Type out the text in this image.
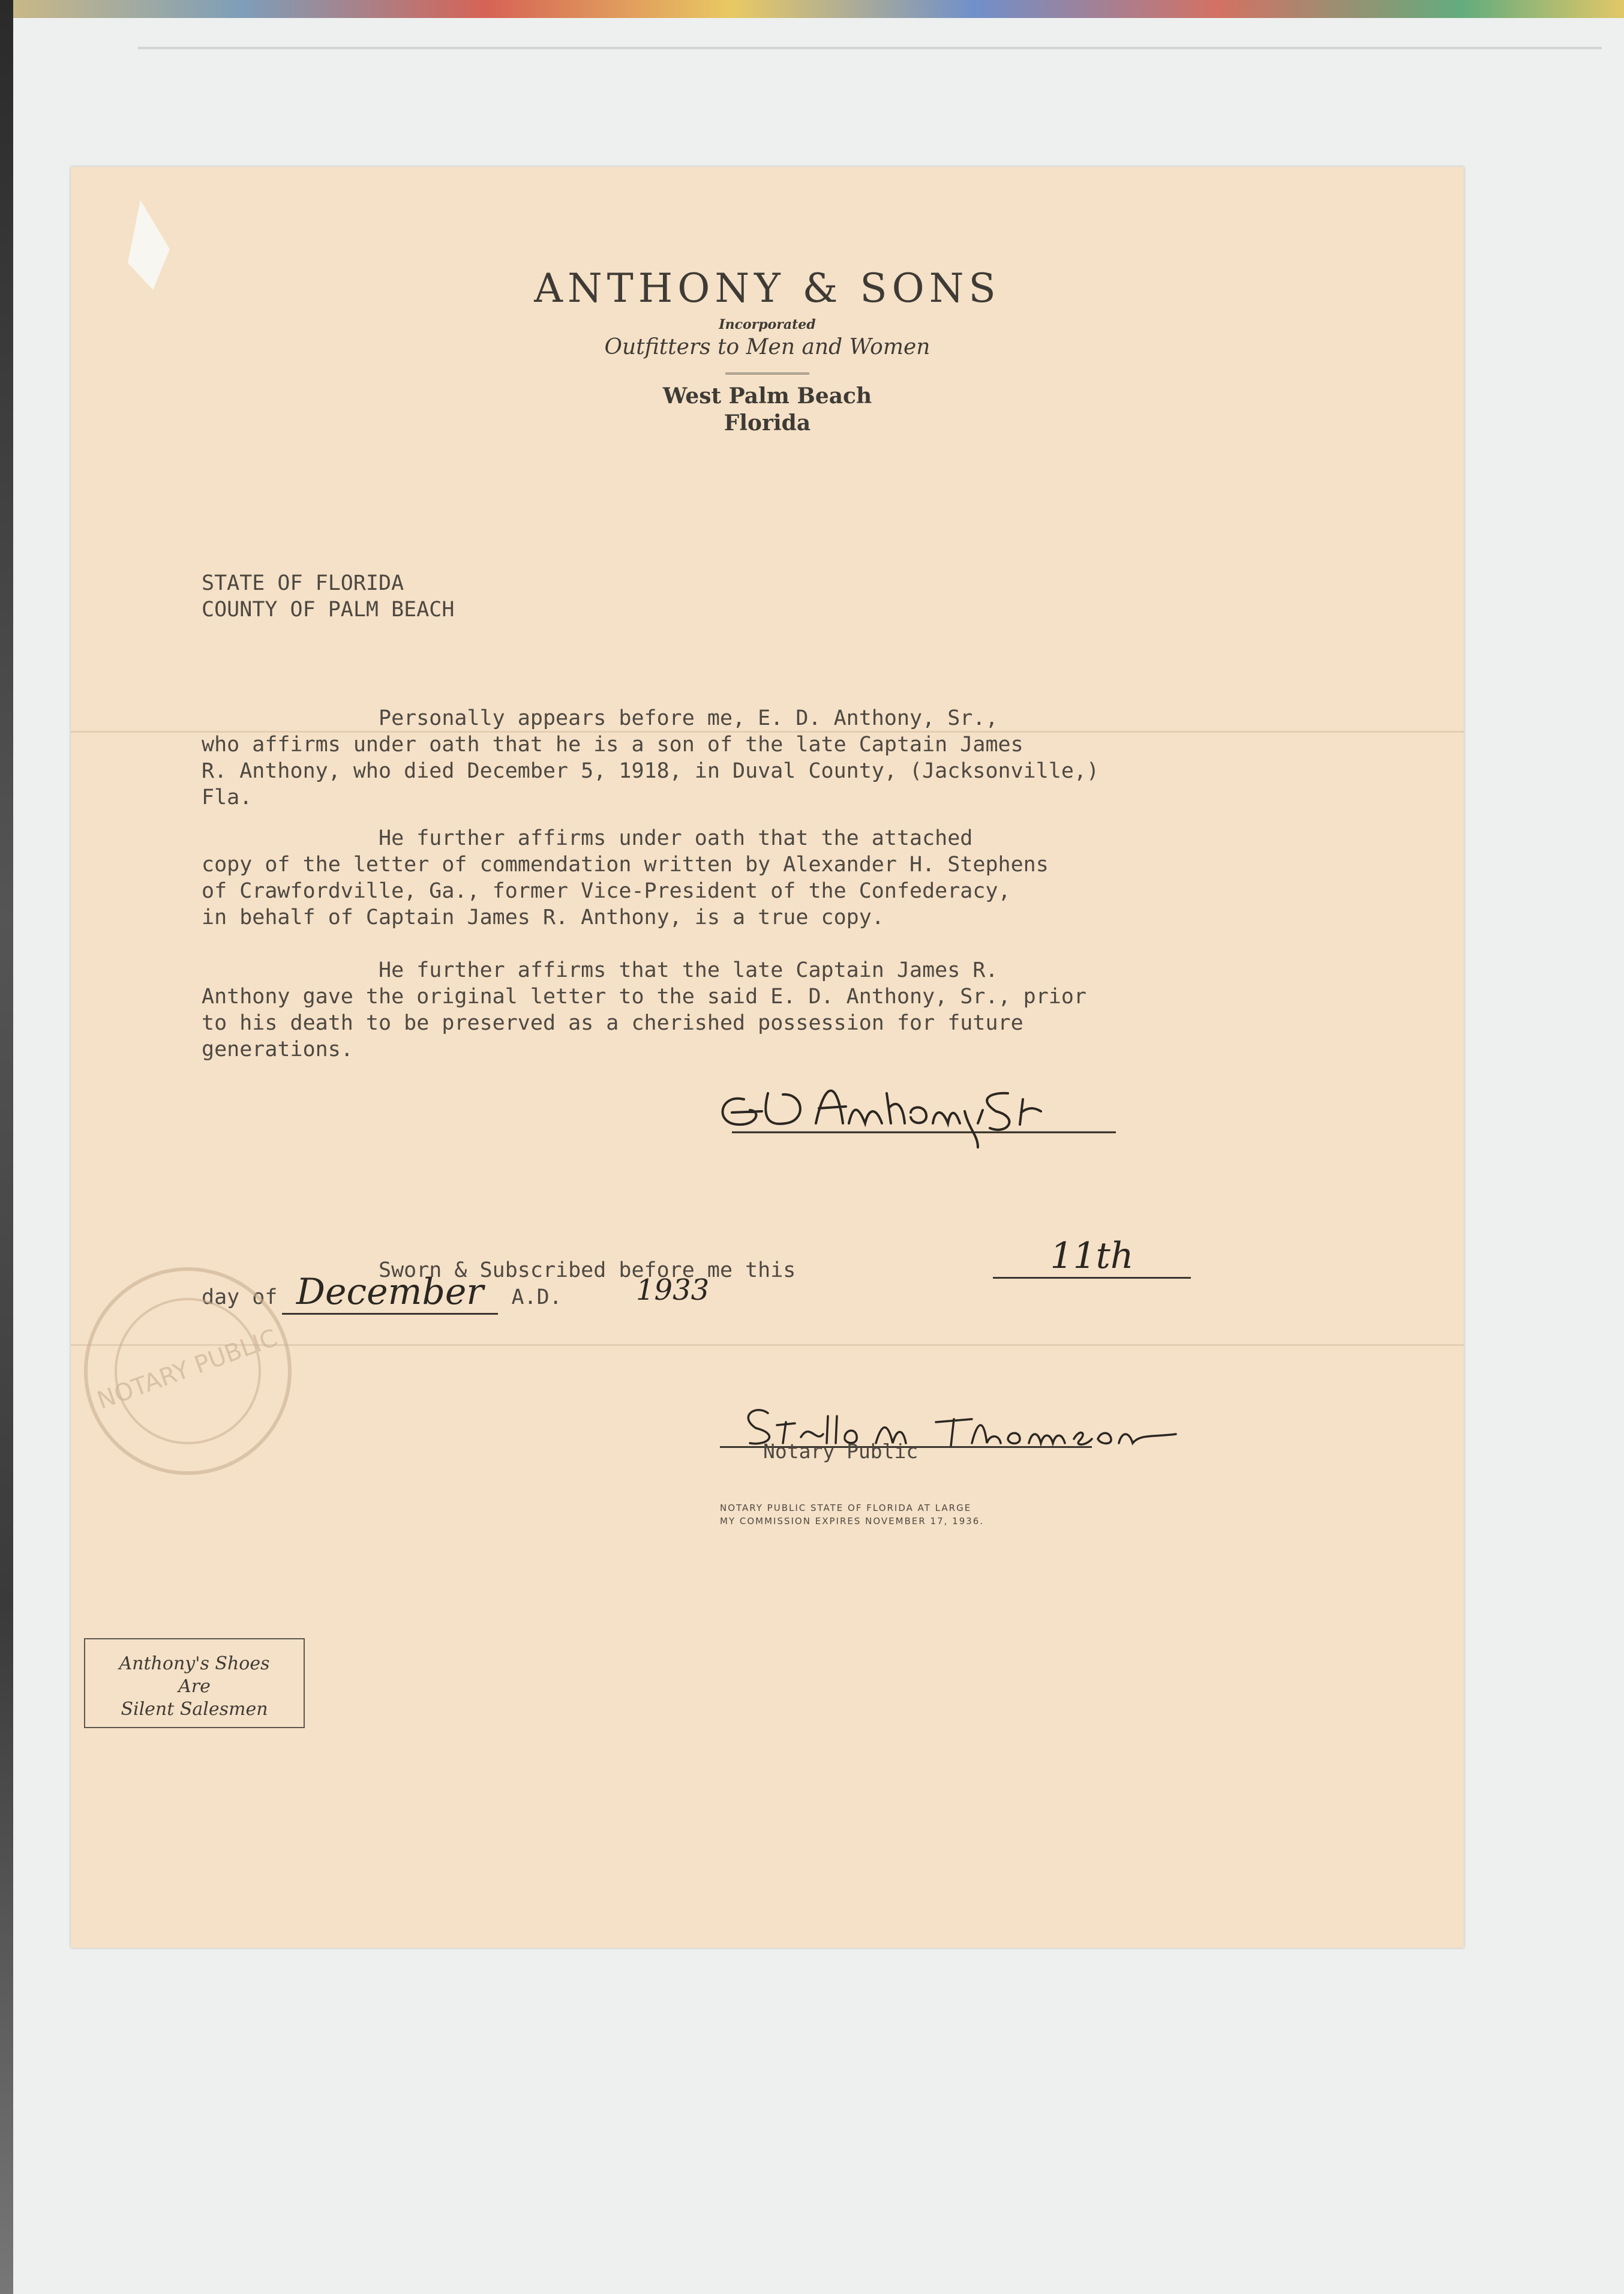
ANTHONY & SONS
Incorporated
Outfitters to Men and Women
West Palm Beach
Florida
STATE OF FLORIDA
COUNTY OF PALM BEACH
Personally appears before me, E. D. Anthony, Sr.,
who affirms under oath that he is a son of the late Captain James
R. Anthony, who died December 5, 1918, in Duval County, (Jacksonville,)
Fla.
He further affirms under oath that the attached
copy of the letter of commendation written by Alexander H. Stephens
of Crawfordville, Ga., former Vice-President of the Confederacy,
in behalf of Captain James R. Anthony, is a true copy.
He further affirms that the late Captain James R.
Anthony gave the original letter to the said E. D. Anthony, Sr., prior
to his death to be preserved as a cherished possession for future
generations.	EDAnthonySr
Sworn & Subscribed before me this	11th
day of	A.D.
December	1933
Stella M. Thomsen
Notary Public
NOTARY PUBLIC STATE OF FLORIDA AT LARGE
MY COMMISSION EXPIRES NOVEMBER 17, 1936.
NOTARY PUBLIC
Anthony's Shoes
Are
Silent Salesmen
